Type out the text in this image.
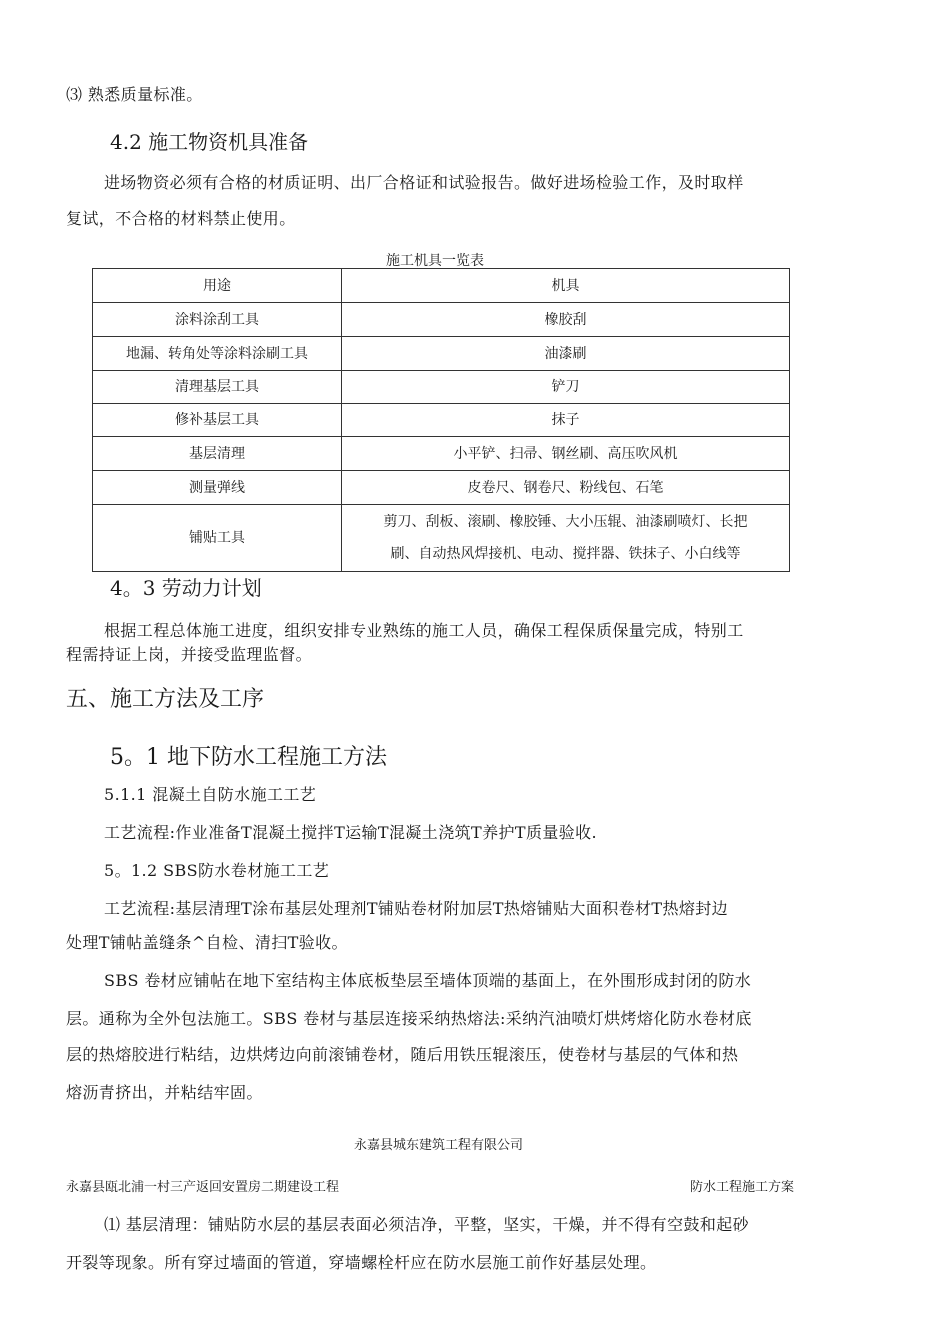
⑶ 熟悉质量标准。
4.2 施工物资机具准备
进场物资必须有合格的材质证明、出厂合格证和试验报告。做好进场检验工作，及时取样
复试，不合格的材料禁止使用。
施工机具一览表
用途	机具
涂料涂刮工具	橡胶刮
地漏、转角处等涂料涂刷工具	油漆刷
清理基层工具	铲刀
修补基层工具	抹子
基层清理	小平铲、扫帚、钢丝刷、高压吹风机
测量弹线	皮卷尺、钢卷尺、粉线包、石笔
铺贴工具	剪刀、刮板、滚刷、橡胶锤、大小压辊、油漆刷喷灯、长把
刷、自动热风焊接机、电动、搅拌器、铁抹子、小白线等
4。3 劳动力计划
根据工程总体施工进度，组织安排专业熟练的施工人员，确保工程保质保量完成，特别工
程需持证上岗，并接受监理监督。
五、施工方法及工序
5。1 地下防水工程施工方法
5.1.1 混凝土自防水施工工艺
工艺流程:作业准备T混凝土搅拌T运输T混凝土浇筑T养护T质量验收.
5。1.2 SBS防水卷材施工工艺
工艺流程:基层清理T涂布基层处理剂T铺贴卷材附加层T热熔铺贴大面积卷材T热熔封边
处理T铺帖盖缝条^自检、清扫T验收。
SBS 卷材应铺帖在地下室结构主体底板垫层至墙体顶端的基面上，在外围形成封闭的防水
层。通称为全外包法施工。SBS 卷材与基层连接采纳热熔法:采纳汽油喷灯烘烤熔化防水卷材底
层的热熔胶进行粘结，边烘烤边向前滚铺卷材，随后用铁压辊滚压，使卷材与基层的气体和热
熔沥青挤出，并粘结牢固。
永嘉县城东建筑工程有限公司
永嘉县瓯北浦一村三产返回安置房二期建设工程	防水工程施工方案
⑴ 基层清理：铺贴防水层的基层表面必须洁净，平整，坚实，干燥，并不得有空鼓和起砂
开裂等现象。所有穿过墙面的管道，穿墙螺栓杆应在防水层施工前作好基层处理。
